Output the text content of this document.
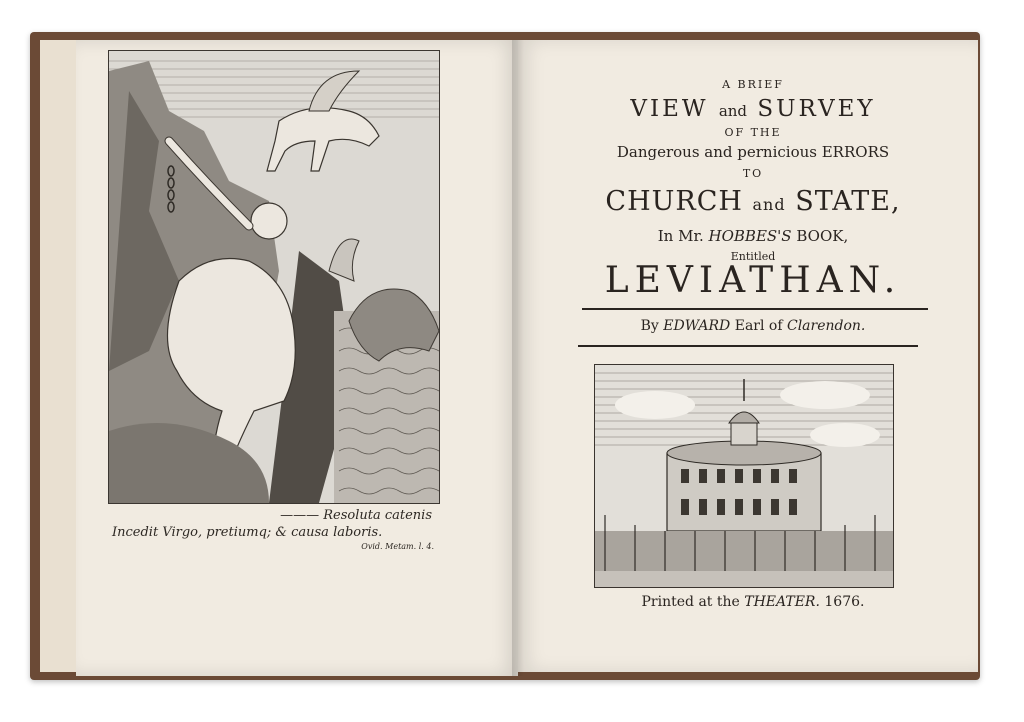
——— Resoluta catenis
Incedit Virgo, pretiumq; & causa laboris.
Ovid. Metam. l. 4.
A BRIEF
VIEW and SURVEY
OF THE
Dangerous and pernicious ERRORS
TO
CHURCH and STATE,
In Mr. HOBBES'S BOOK,
Entitled
LEVIATHAN.
By EDWARD Earl of Clarendon.
Printed at the THEATER. 1676.
